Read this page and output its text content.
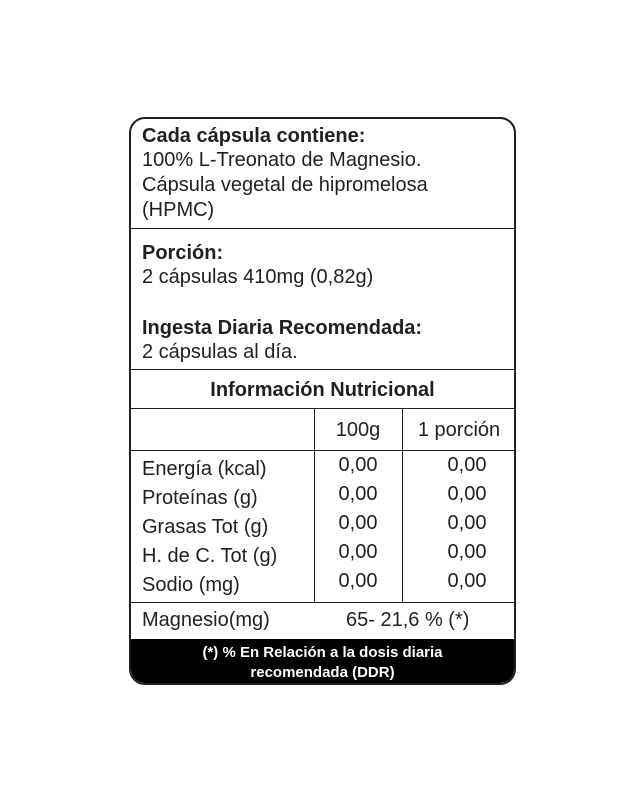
Cada cápsula contiene:
100% L-Treonato de Magnesio.
Cápsula vegetal de hipromelosa
(HPMC)
Porción:
2 cápsulas 410mg (0,82g)
Ingesta Diaria Recomendada:
2 cápsulas al día.
Información Nutricional
100g	1 porción
Energía (kcal)	0,00	0,00
Proteínas (g)	0,00	0,00
Grasas Tot (g)	0,00	0,00
H. de C. Tot (g)	0,00	0,00
Sodio (mg)	0,00	0,00
Magnesio(mg)	65- 21,6 % (*)
(*) % En Relación a la dosis diaria
recomendada (DDR)
